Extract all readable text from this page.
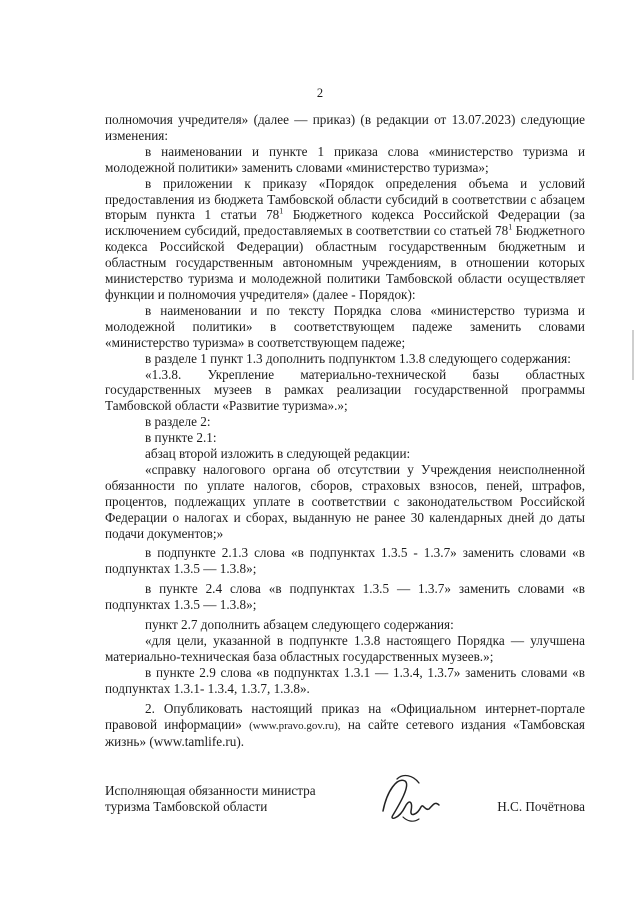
2

полномочия учредителя» (далее — приказ) (в редакции от 13.07.2023) следующие изменения:

в наименовании и пункте 1 приказа слова «министерство туризма и молодежной политики» заменить словами «министерство туризма»;

в приложении к приказу «Порядок определения объема и условий предоставления из бюджета Тамбовской области субсидий в соответствии с абзацем вторым пункта 1 статьи $78^1$ Бюджетного кодекса Российской Федерации (за исключением субсидий, предоставляемых в соответствии со статьей $78^1$ Бюджетного кодекса Российской Федерации) областным государственным бюджетным и областным государственным автономным учреждениям, в отношении которых министерство туризма и молодежной политики Тамбовской области осуществляет функции и полномочия учредителя» (далее - Порядок):

в наименовании и по тексту Порядка слова «министерство туризма и молодежной политики» в соответствующем падеже заменить словами «министерство туризма» в соответствующем падеже;

в разделе 1 пункт 1.3 дополнить подпунктом 1.3.8 следующего содержания:

«1.3.8. Укрепление материально-технической базы областных государственных музеев в рамках реализации государственной программы Тамбовской области «Развитие туризма».»;

в разделе 2:

в пункте 2.1:

абзац второй изложить в следующей редакции:

«справку налогового органа об отсутствии у Учреждения неисполненной обязанности по уплате налогов, сборов, страховых взносов, пеней, штрафов, процентов, подлежащих уплате в соответствии с законодательством Российской Федерации о налогах и сборах, выданную не ранее 30 календарных дней до даты подачи документов;»

в подпункте 2.1.3 слова «в подпунктах 1.3.5 - 1.3.7» заменить словами «в подпунктах 1.3.5 — 1.3.8»;

в пункте 2.4 слова «в подпунктах 1.3.5 — 1.3.7» заменить словами «в подпунктах 1.3.5 — 1.3.8»;

пункт 2.7 дополнить абзацем следующего содержания:

«для цели, указанной в подпункте 1.3.8 настоящего Порядка — улучшена материально-техническая база областных государственных музеев.»;

в пункте 2.9 слова «в подпунктах 1.3.1 — 1.3.4, 1.3.7» заменить словами «в подпунктах 1.3.1- 1.3.4, 1.3.7, 1.3.8».

2. Опубликовать настоящий приказ на «Официальном интернет-портале правовой информации» (www.pravo.gov.ru), на сайте сетевого издания «Тамбовская жизнь» (www.tamlife.ru).

Исполняющая обязанности министра
туризма Тамбовской области	Н.С. Почётнова
